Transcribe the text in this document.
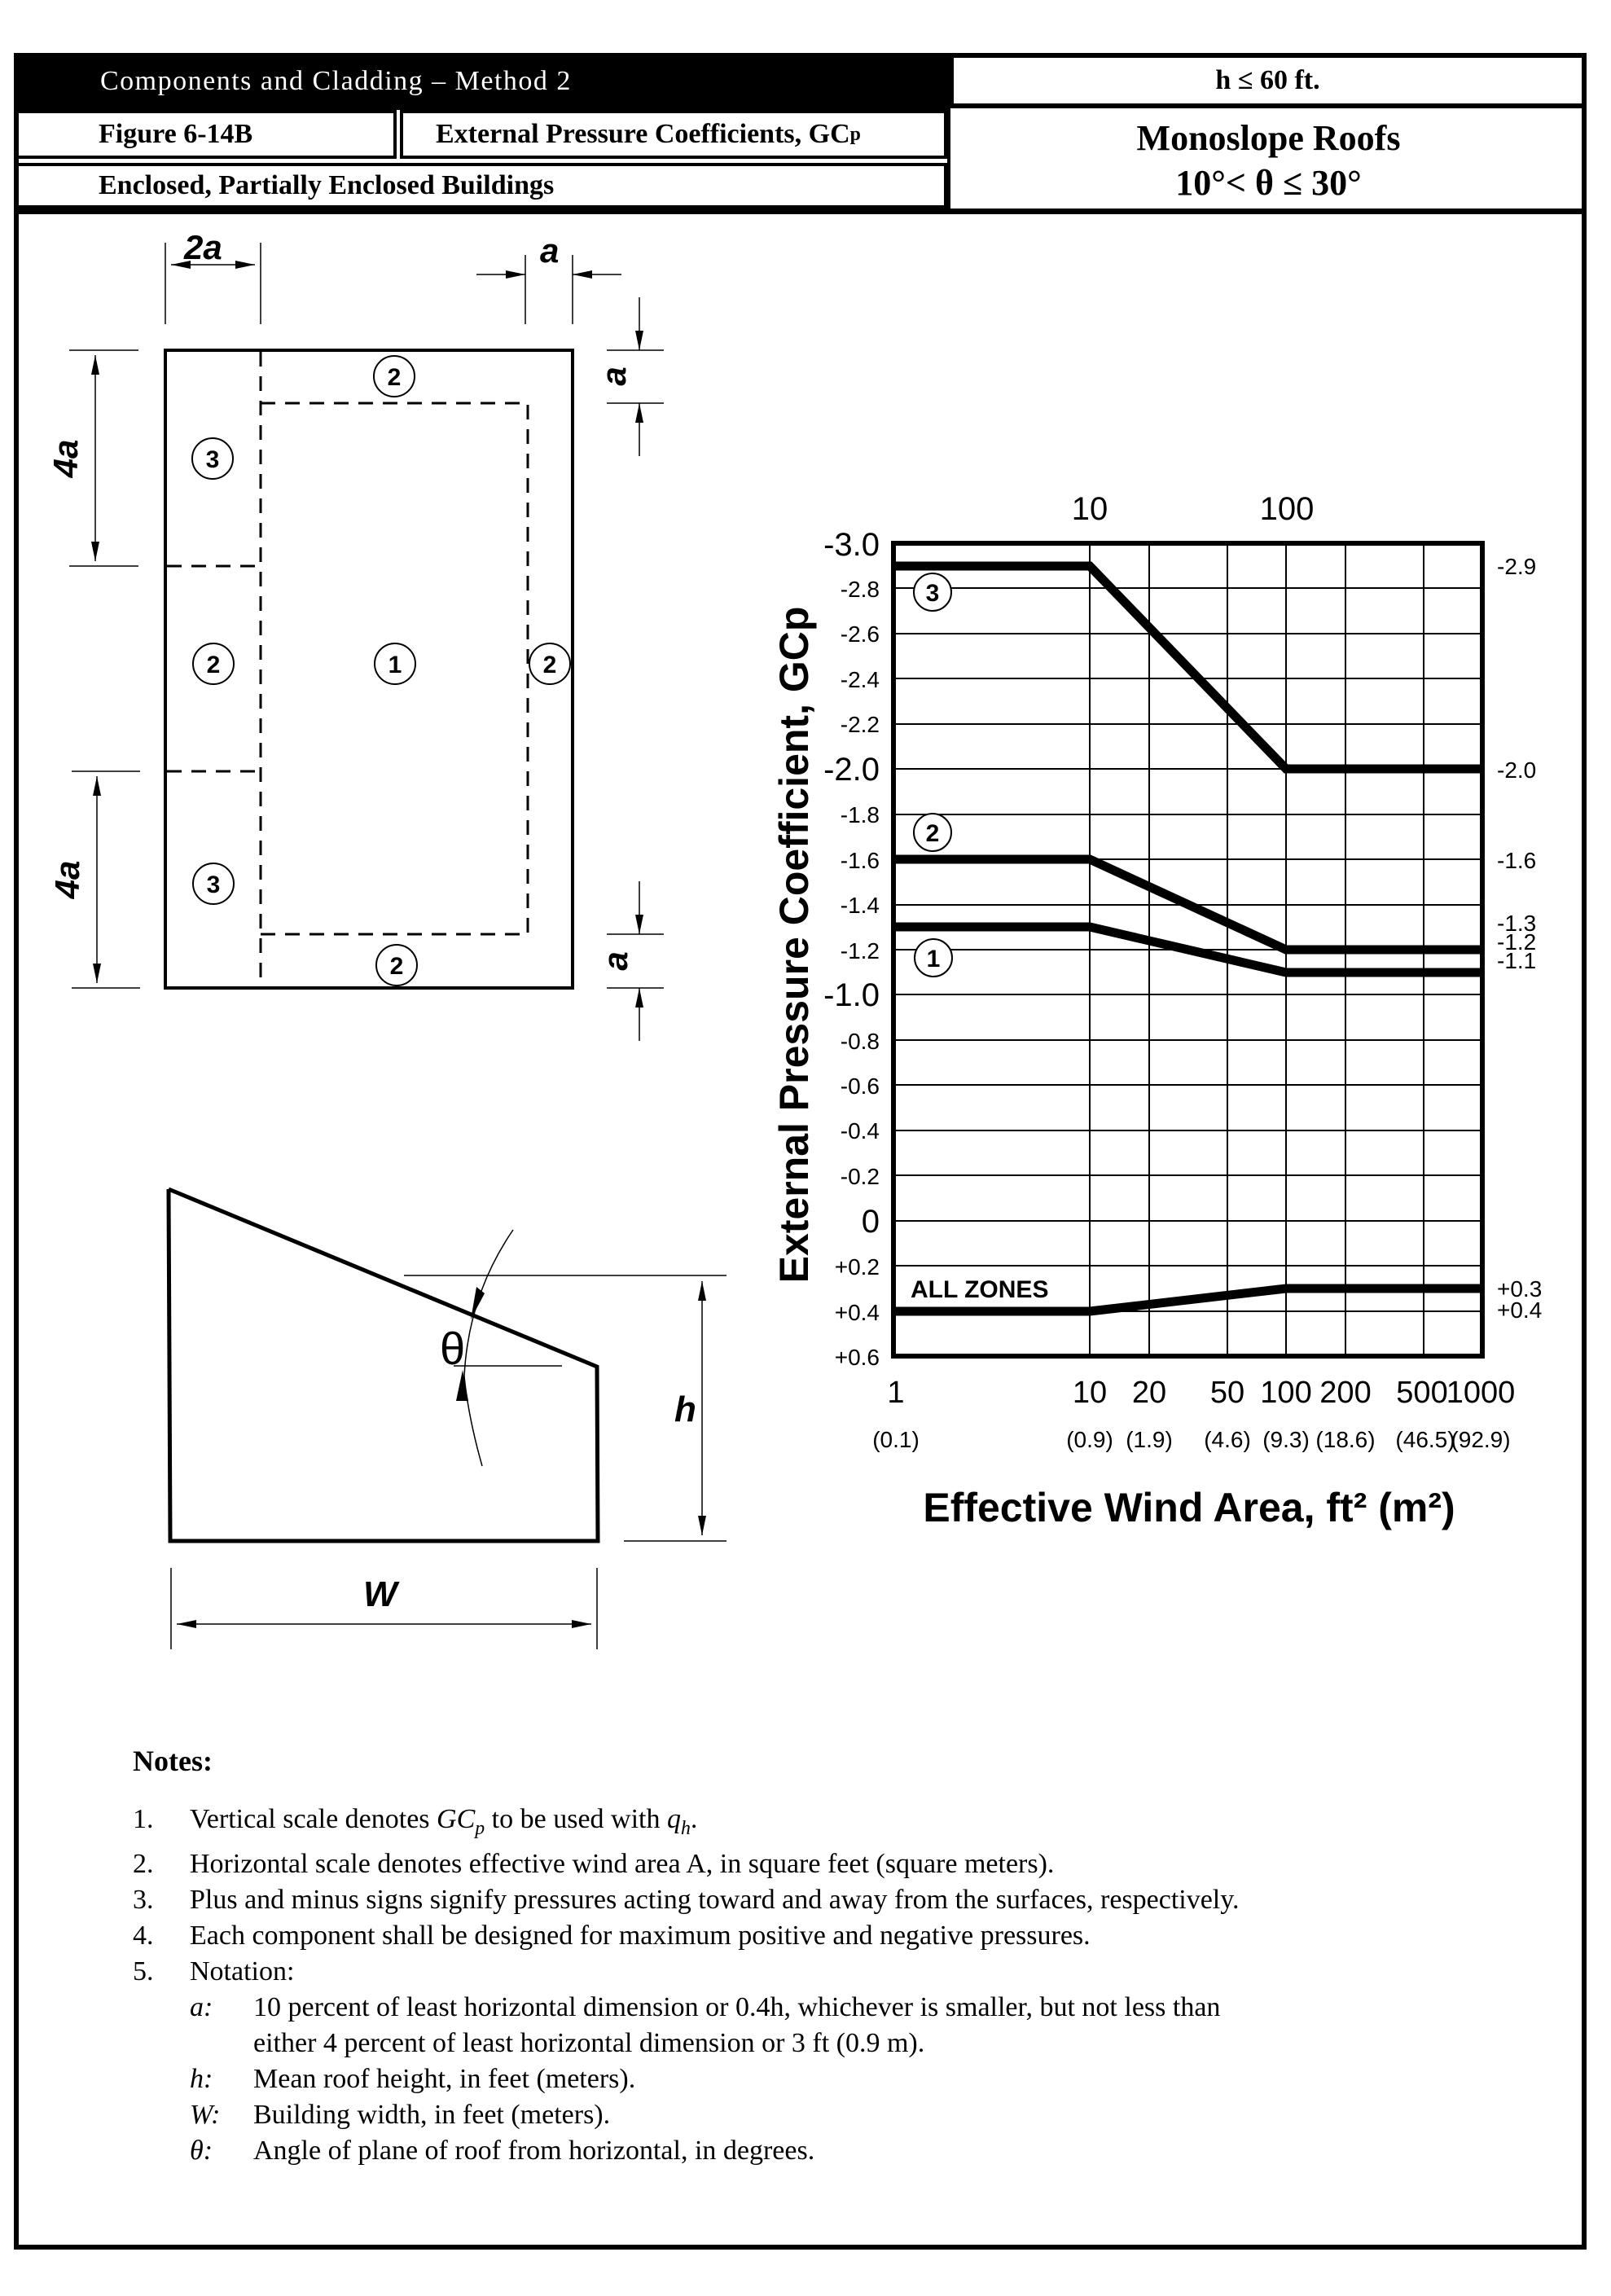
Components and Cladding – Method 2	h ≤ 60 ft.
Figure 6-14B	External Pressure Coefficients, GC p
Enclosed, Partially Enclosed Buildings
Monoslope Roofs
10°< θ ≤ 30°
2a	a
a
a
4a
4a
2
3
2	1	2
3
2
θ
h
W
3
2
1
ALL ZONES
10	100
-3.0
-2.8
-2.6
-2.4
-2.2
-2.0
-1.6
-1.8
-1.4
-1.2
-1.0
-0.8
-0.6
-0.4
-0.2
0
+0.2
+0.4
+0.6
-2.9
-2.0
-1.6
-1.3
-1.2
-1.1
+0.3
+0.4
1	10 20 50 100 200 500
1000
(0.1)	(0.9) (1.9) (4.6) (9.3) (18.6) (46.5)
(92.9)
Effective Wind Area, ft² (m²)
External Pressure Coefficient, GCp
Notes:
1.	Vertical scale denotes $GC_p$ to be used with $q_h$.
2.	Horizontal scale denotes effective wind area A, in square feet (square meters).
3.	Plus and minus signs signify pressures acting toward and away from the surfaces, respectively.
4.	Each component shall be designed for maximum positive and negative pressures.
5.	Notation:
a:	10 percent of least horizontal dimension or 0.4h, whichever is smaller, but not less than
either 4 percent of least horizontal dimension or 3 ft (0.9 m).
h:	Mean roof height, in feet (meters).
W:	Building width, in feet (meters).
θ:	Angle of plane of roof from horizontal, in degrees.
